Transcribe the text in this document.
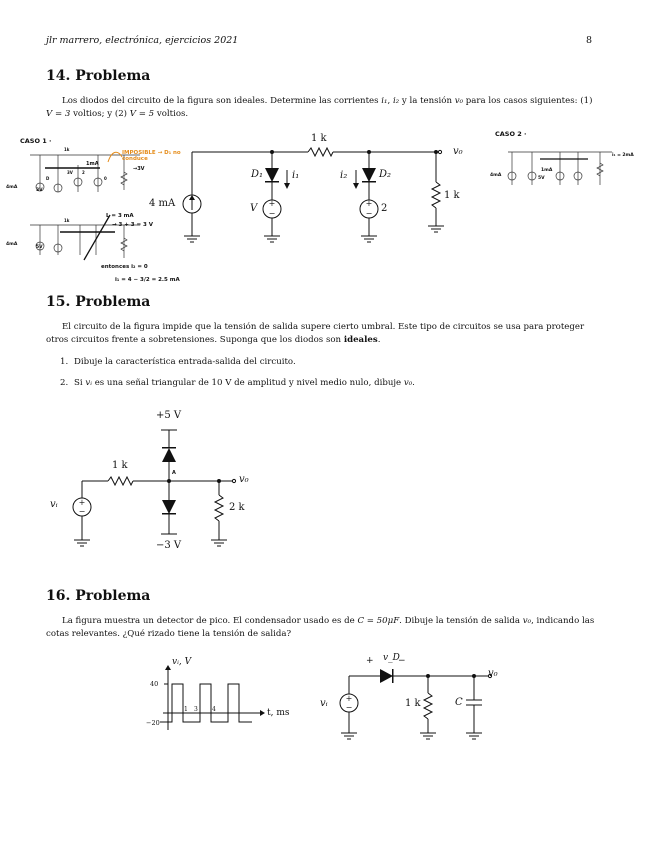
jlr marrero, electrónica, ejercicios 2021	8
14. Problema
Los diodos del circuito de la figura son ideales. Determine las corrientes i₁, i₂ y la tensión v₀ para los casos siguientes: (1)
V = 3 voltios; y (2) V = 5 voltios.
+
−
+
−
1 k
1 k
4 mA
D₁	D₂
i₁	i₂
V	2
v₀
CASO 1 ·
IMPOSIBLE → D₁ no conduce
→3V
1mA
L = 3 mA
→ 3 + 3 = 3 V
entonces i₂ = 0
i₁ = 4 − 3/2 = 2.5 mA
4mA
4mA
3V
5V
1k
1k
3V 2
D	0
CASO 2 ·
i₁ = 2mA
1mA
4mA
5V
15. Problema
El circuito de la figura impide que la tensión de salida supere cierto umbral. Este tipo de circuitos se usa para proteger otros circuitos frente a sobretensiones. Suponga que los diodos son ideales.
1. Dibuje la característica entrada-salida del circuito.
2. Si vᵢ es una señal triangular de 10 V de amplitud y nivel medio nulo, dibuje v₀.
+
−
+5 V
−3 V
1 k
2 k
v₀
vᵢ
A
16. Problema
La figura muestra un detector de pico. El condensador usado es de C = 50μF. Dibuje la tensión de salida v₀, indicando las cotas relevantes. ¿Qué rizado tiene la tensión de salida?
vᵢ, V
t, ms
40
−20
1 3 4
+
−
+ v_D
−
1 k	C
v₀
vᵢ
